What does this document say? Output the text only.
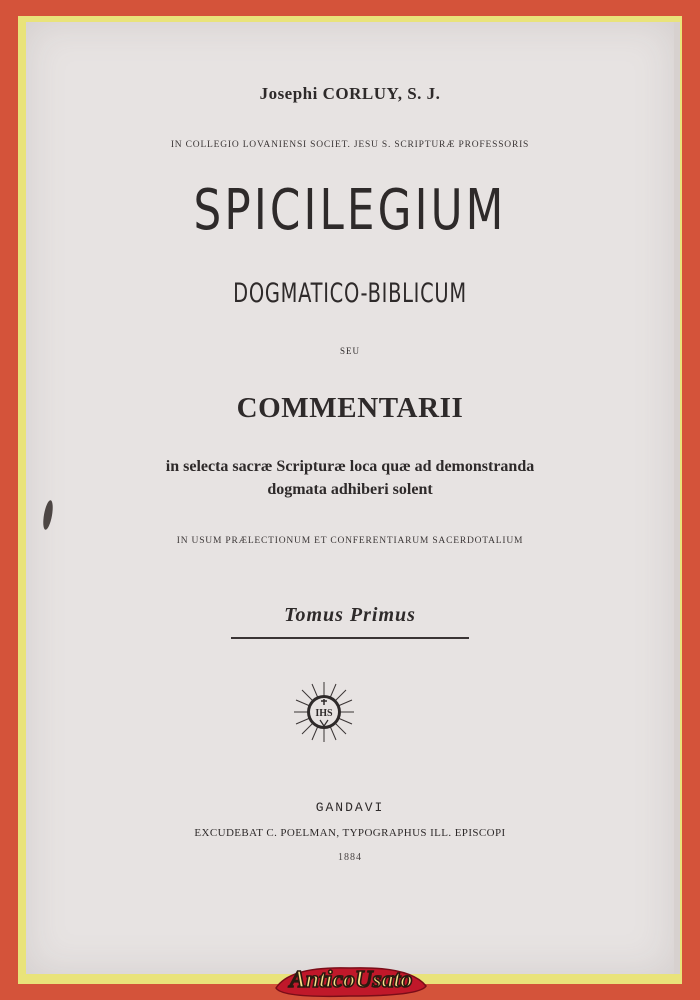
Josephi CORLUY, S. J.
IN COLLEGIO LOVANIENSI SOCIET. JESU S. SCRIPTURÆ PROFESSORIS
SPICILEGIUM
DOGMATICO-BIBLICUM
SEU
COMMENTARII
in selecta sacræ Scripturæ loca quæ ad demonstranda
dogmata adhiberi solent
IN USUM PRÆLECTIONUM ET CONFERENTIARUM SACERDOTALIUM
Tomus Primus
IHS
GANDAVI
EXCUDEBAT C. POELMAN, TYPOGRAPHUS ILL. EPISCOPI
1884
AnticoUsato
